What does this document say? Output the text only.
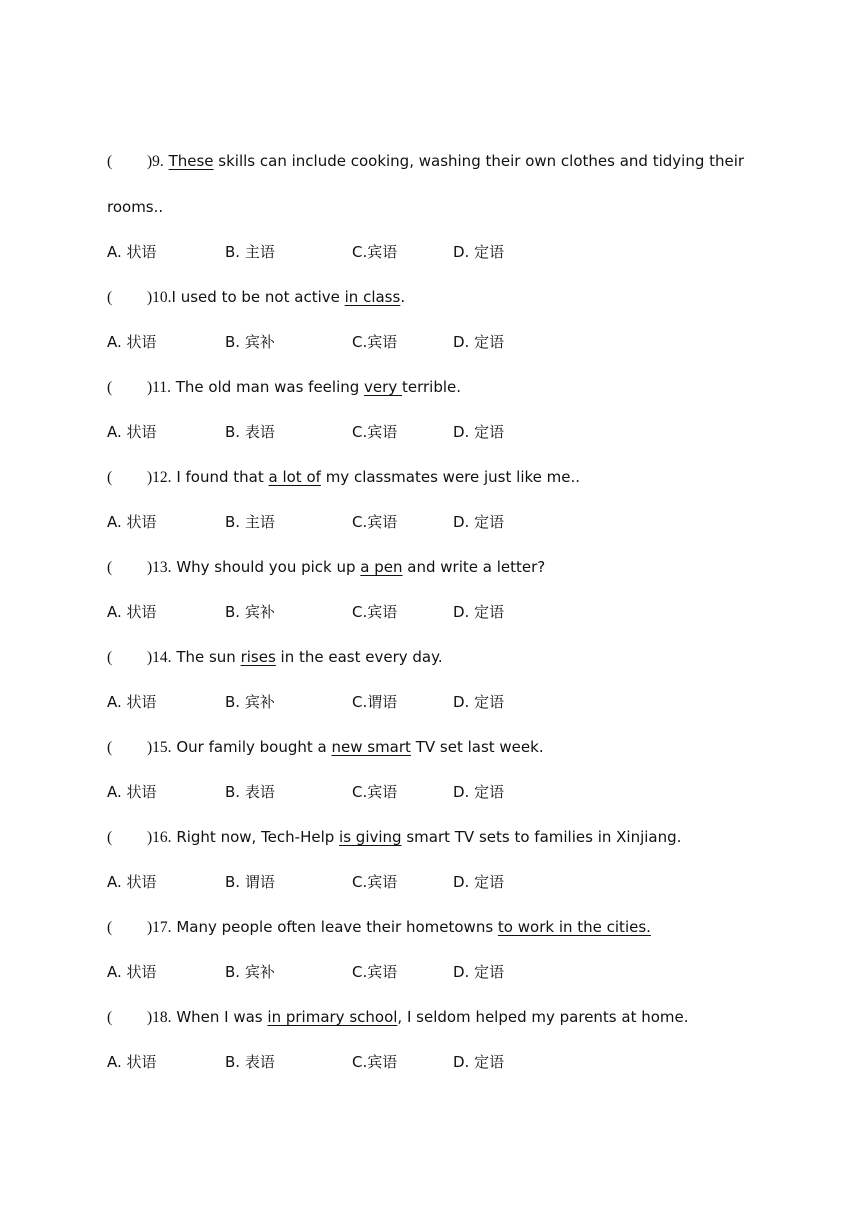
( )9. These skills can include cooking, washing their own clothes and tidying their
rooms..
A. 状语	B. 主语	C.宾语	D. 定语
( )10.I used to be not active in class.
A. 状语	B. 宾补	C.宾语	D. 定语
( )11. The old man was feeling very terrible.
A. 状语	B. 表语	C.宾语	D. 定语
( )12. I found that a lot of my classmates were just like me..
A. 状语	B. 主语	C.宾语	D. 定语
( )13. Why should you pick up a pen and write a letter?
A. 状语	B. 宾补	C.宾语	D. 定语
( )14. The sun rises in the east every day.
A. 状语	B. 宾补	C.谓语	D. 定语
( )15. Our family bought a new smart TV set last week.
A. 状语	B. 表语	C.宾语	D. 定语
( )16. Right now, Tech-Help is giving smart TV sets to families in Xinjiang.
A. 状语	B. 谓语	C.宾语	D. 定语
( )17. Many people often leave their hometowns to work in the cities.
A. 状语	B. 宾补	C.宾语	D. 定语
( )18. When I was in primary school, I seldom helped my parents at home.
A. 状语	B. 表语	C.宾语	D. 定语
